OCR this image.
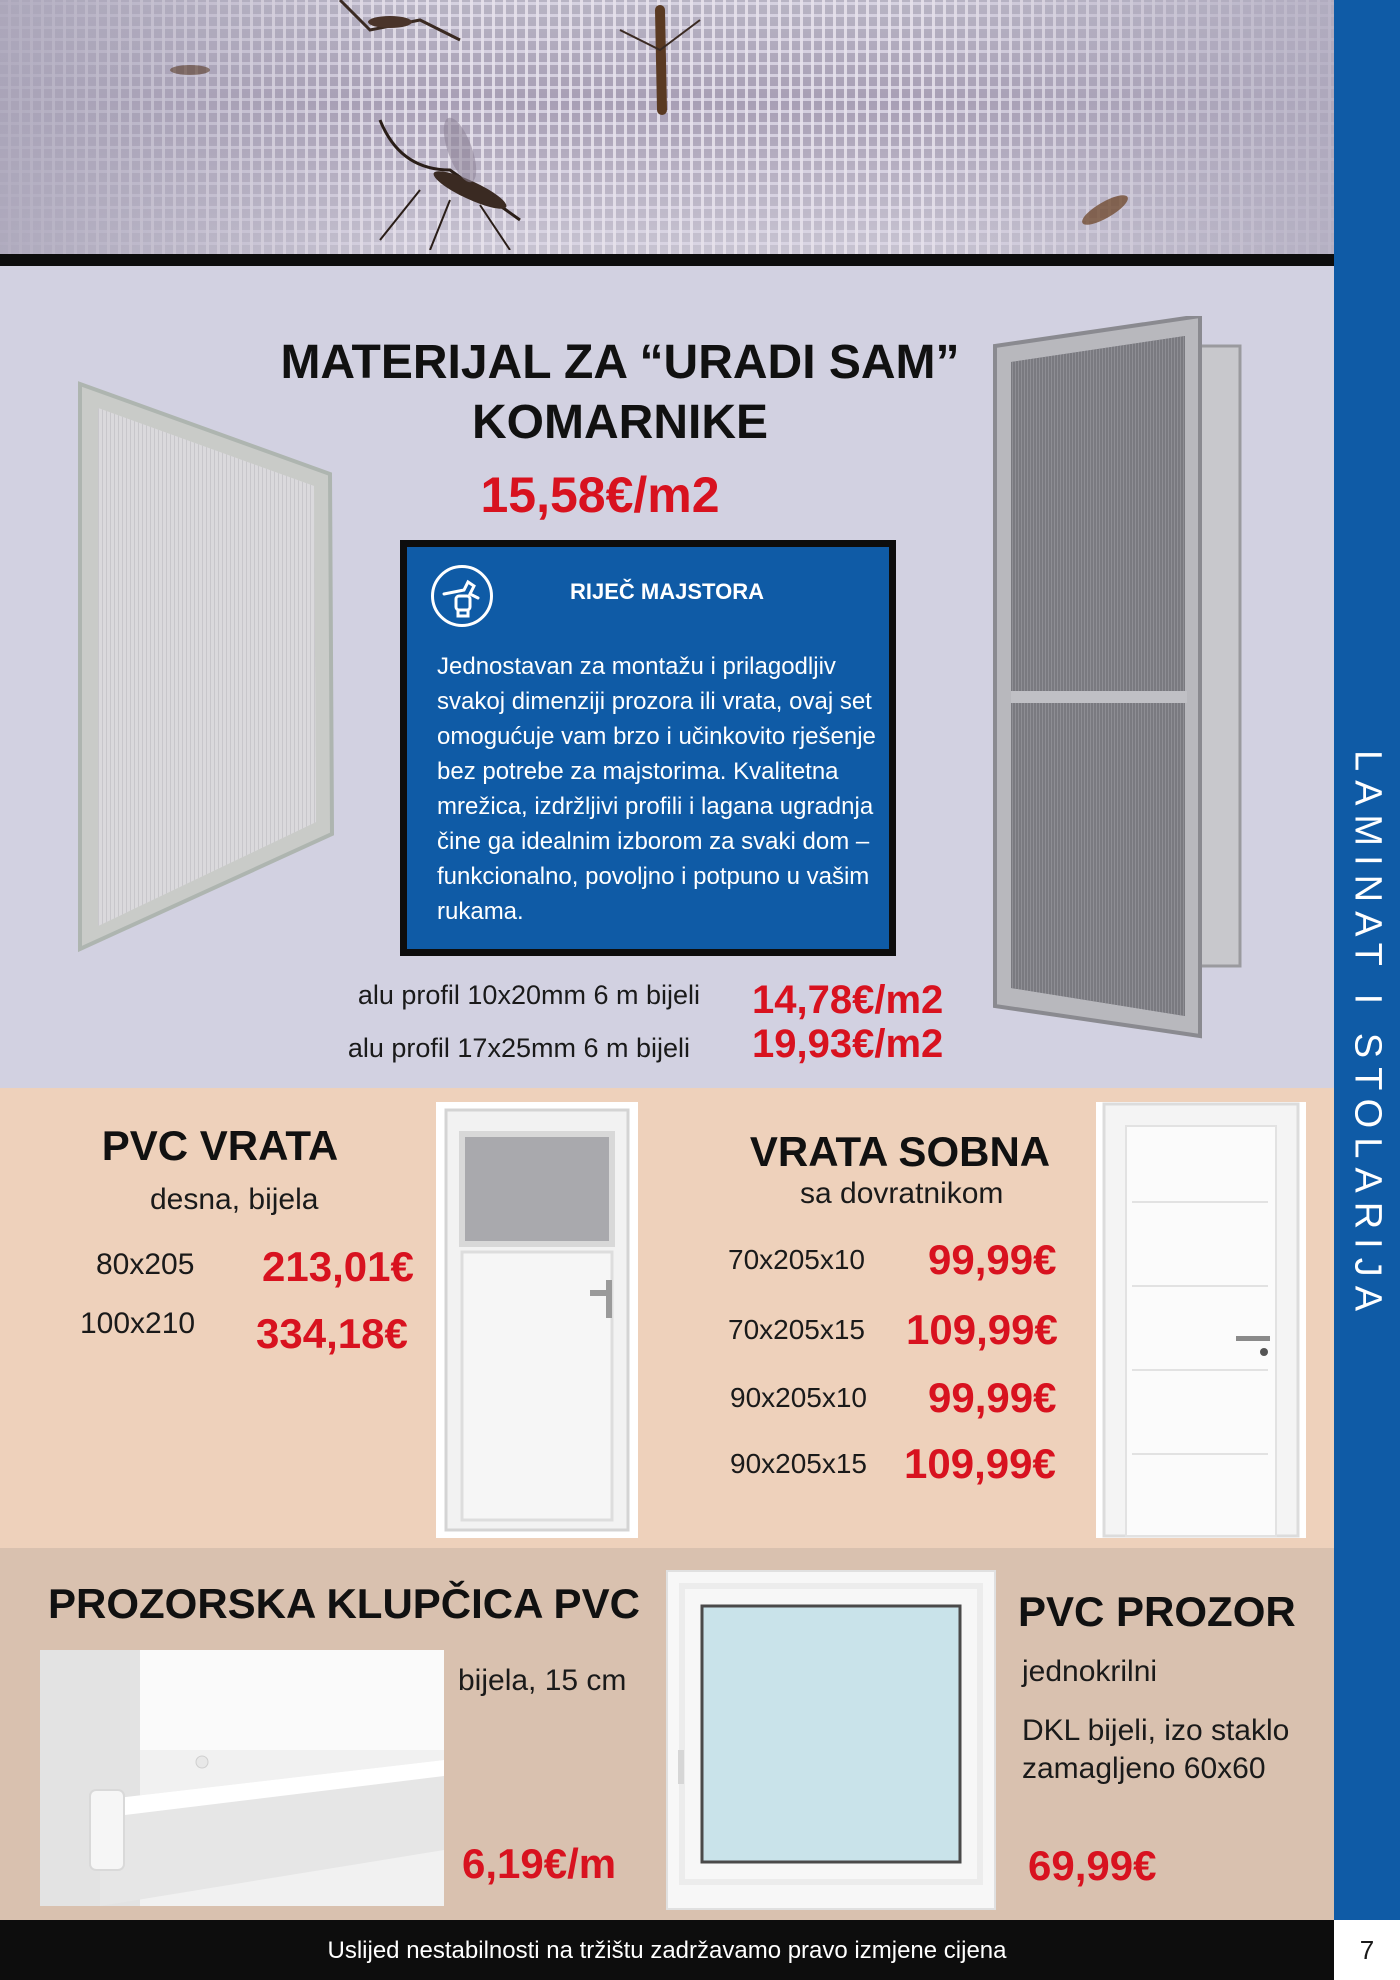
MATERIJAL ZA “URADI SAM”
KOMARNIKE
15,58€/m2
RIJEČ MAJSTORA
Jednostavan za montažu i prilagodljiv svakoj dimenziji prozora ili vrata, ovaj set omogućuje vam brzo i učinkovito rješenje bez potrebe za majstorima. Kvalitetna mrežica, izdržljivi profili i lagana ugradnja čine ga idealnim izborom za svaki dom – funkcionalno, povoljno i potpuno u vašim rukama.
alu profil 10x20mm 6 m bijeli 14,78€/m2
alu profil 17x25mm 6 m bijeli 19,93€/m2
PVC VRATA
desna, bijela
80x205 213,01€
100x210 334,18€
VRATA SOBNA
sa dovratnikom
70x205x10 99,99€
70x205x15 109,99€
90x205x10 99,99€
90x205x15 109,99€
PROZORSKA KLUPČICA PVC
bijela, 15 cm
6,19€/m
PVC PROZOR
jednokrilni
DKL bijeli, izo staklo zamagljeno 60x60
69,99€
Uslijed nestabilnosti na tržištu zadržavamo pravo izmjene cijena
LAMINAT I STOLARIJA
7
